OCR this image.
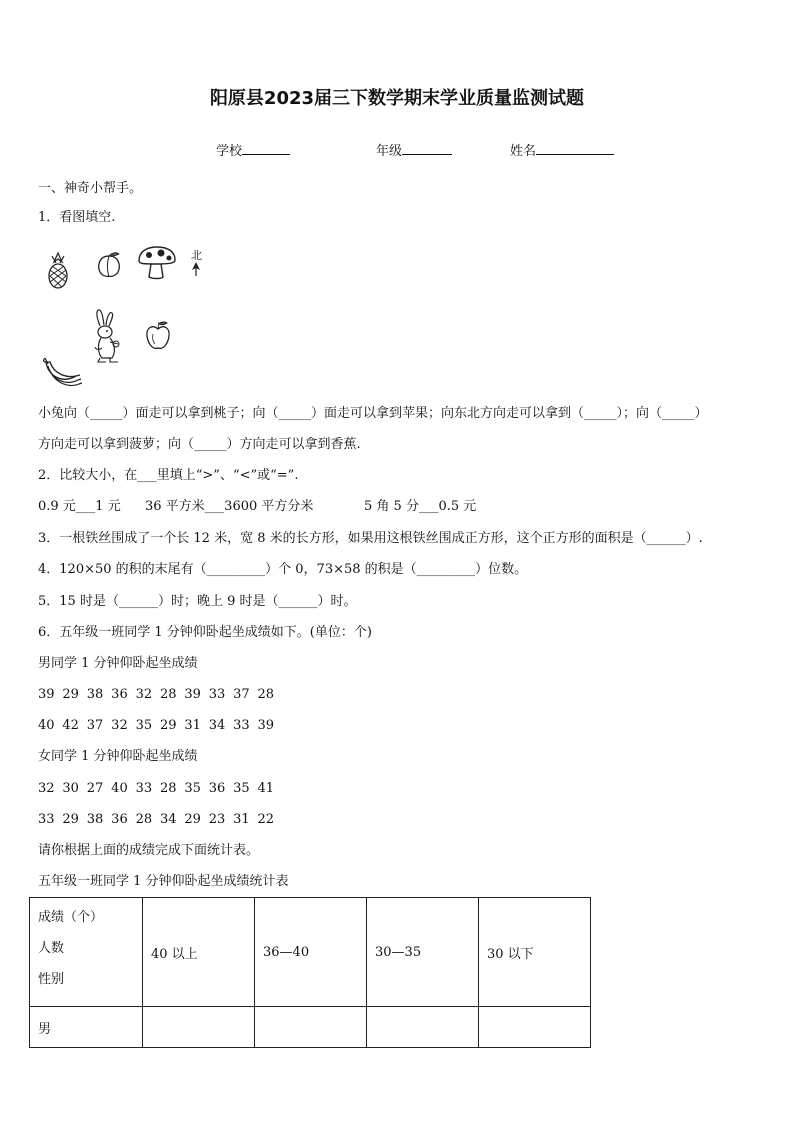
阳原县2023届三下数学期末学业质量监测试题
学校	年级	姓名
一、神奇小帮手。
1．看图填空.
北
小兔向（_____）面走可以拿到桃子；向（_____）面走可以拿到苹果；向东北方向走可以拿到（_____）；向（_____）
方向走可以拿到菠萝；向（_____）方向走可以拿到香蕉.
2．比较大小，在___里填上“>”、“<”或“=”.
0.9 元___1 元 36 平方米___3600 平方分米	5 角 5 分___0.5 元
3．一根铁丝围成了一个长 12 米，宽 8 米的长方形，如果用这根铁丝围成正方形，这个正方形的面积是（______）.
4．120×50 的积的末尾有（_________）个 0，73×58 的积是（_________）位数。
5．15 时是（______）时；晚上 9 时是（______）时。
6．五年级一班同学 1 分钟仰卧起坐成绩如下。(单位：个)
男同学 1 分钟仰卧起坐成绩
39 29 38 36 32 28 39 33 37 28
40 42 37 32 35 29 31 34 33 39
女同学 1 分钟仰卧起坐成绩
32 30 27 40 33 28 35 36 35 41
33 29 38 36 28 34 29 23 31 22
请你根据上面的成绩完成下面统计表。
五年级一班同学 1 分钟仰卧起坐成绩统计表
成绩（个）
人数
性别	40 以上	36—40	30—35	30 以下
男				
